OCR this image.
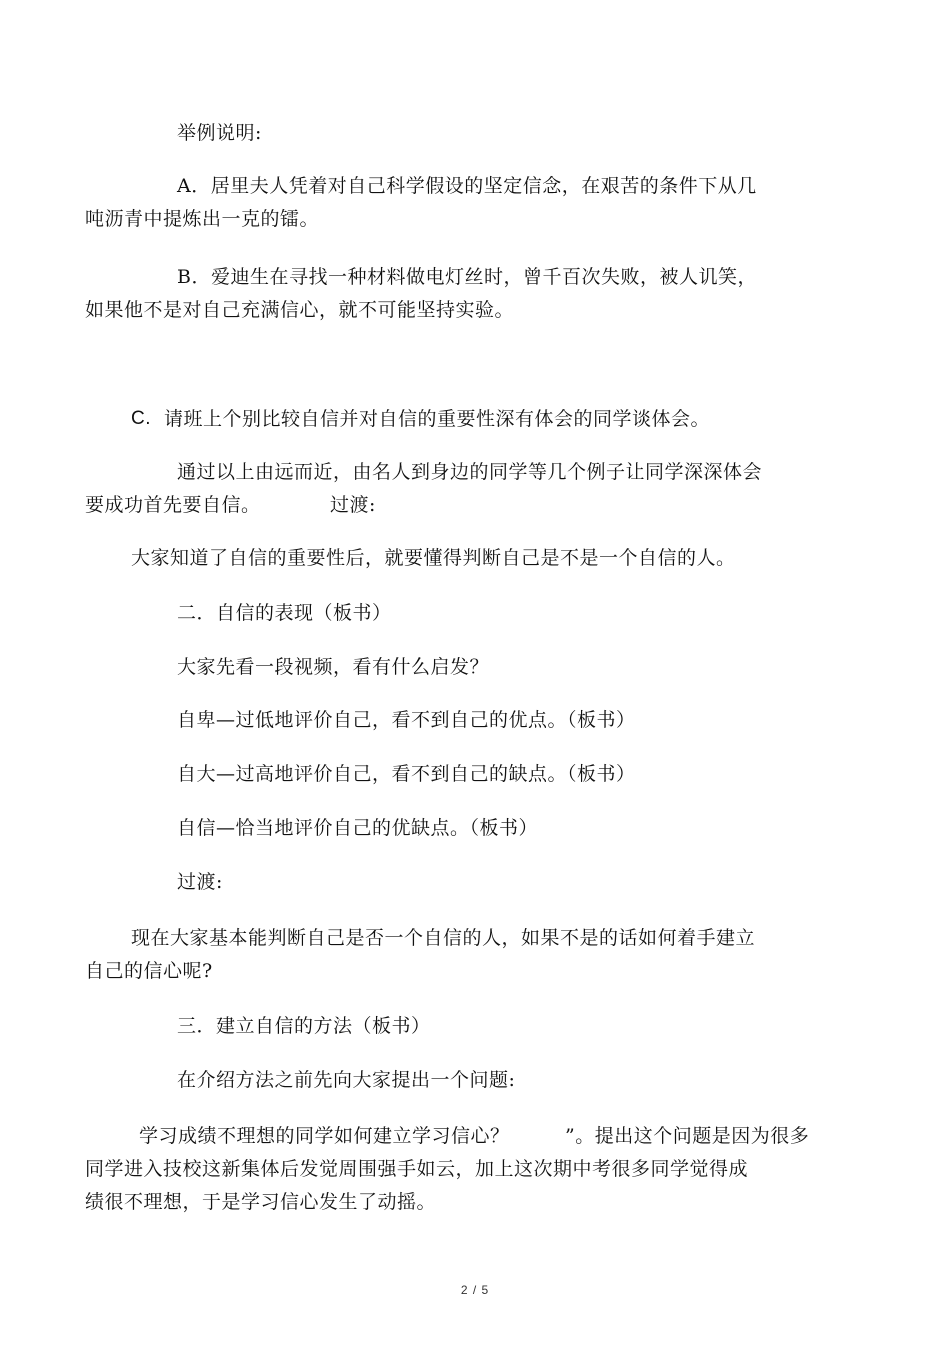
举例说明:
A．居里夫人凭着对自己科学假设的坚定信念，在艰苦的条件下从几
吨沥青中提炼出一克的镭。
B．爱迪生在寻找一种材料做电灯丝时，曾千百次失败，被人讥笑，
如果他不是对自己充满信心，就不可能坚持实验。
C. 请班上个别比较自信并对自信的重要性深有体会的同学谈体会。
通过以上由远而近，由名人到身边的同学等几个例子让同学深深体会
要成功首先要自信。	过渡:
大家知道了自信的重要性后，就要懂得判断自己是不是一个自信的人。
二．自信的表现（板书）
大家先看一段视频，看有什么启发？
自卑—过低地评价自己，看不到自己的优点。（板书）
自大—过高地评价自己，看不到自己的缺点。（板书）
自信—恰当地评价自己的优缺点。（板书）
过渡:
现在大家基本能判断自己是否一个自信的人，如果不是的话如何着手建立
自己的信心呢?
三．建立自信的方法（板书）
在介绍方法之前先向大家提出一个问题:
学习成绩不理想的同学如何建立学习信心？	”。提出这个问题是因为很多
同学进入技校这新集体后发觉周围强手如云，加上这次期中考很多同学觉得成
绩很不理想，于是学习信心发生了动摇。
2 / 5
